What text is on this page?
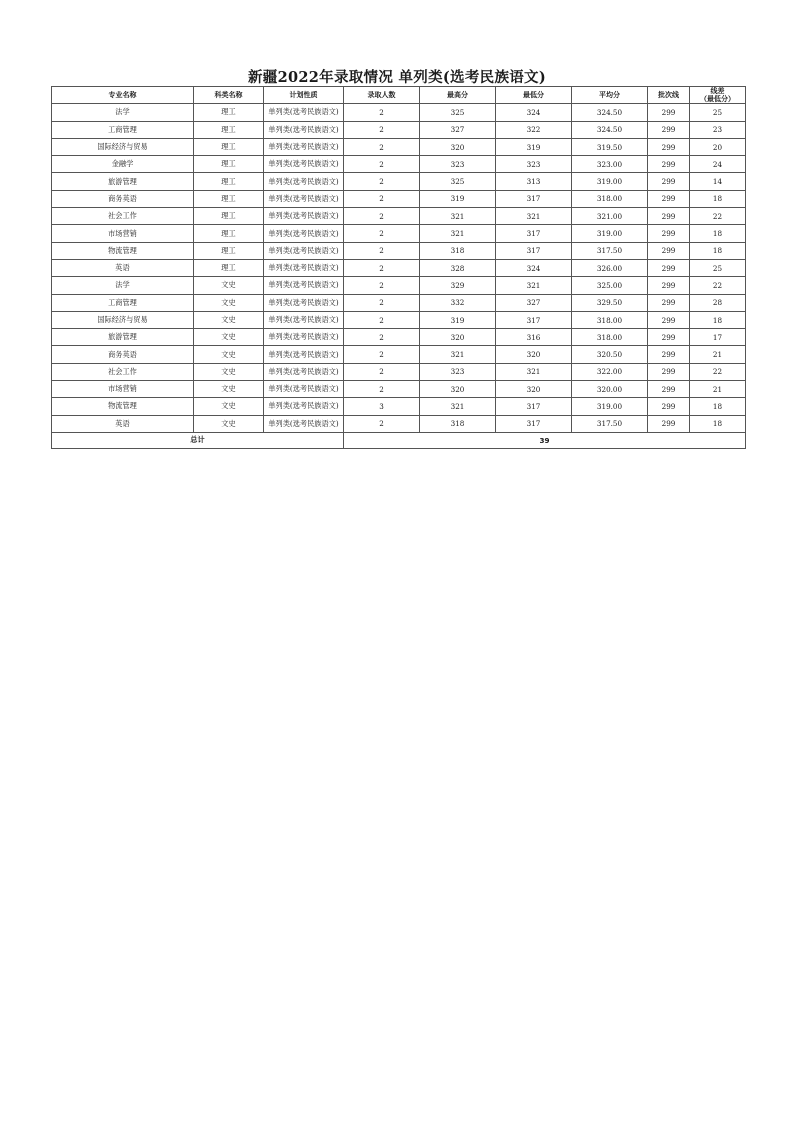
新疆2022年录取情况 单列类(选考民族语文)
专业名称	科类名称	计划性质	录取人数	最高分	最低分	平均分	批次线	线差
（最低分）
法学	理工	单列类(选考民族语文)	2	325	324	324.50	299	25
工商管理	理工	单列类(选考民族语文)	2	327	322	324.50	299	23
国际经济与贸易	理工	单列类(选考民族语文)	2	320	319	319.50	299	20
金融学	理工	单列类(选考民族语文)	2	323	323	323.00	299	24
旅游管理	理工	单列类(选考民族语文)	2	325	313	319.00	299	14
商务英语	理工	单列类(选考民族语文)	2	319	317	318.00	299	18
社会工作	理工	单列类(选考民族语文)	2	321	321	321.00	299	22
市场营销	理工	单列类(选考民族语文)	2	321	317	319.00	299	18
物流管理	理工	单列类(选考民族语文)	2	318	317	317.50	299	18
英语	理工	单列类(选考民族语文)	2	328	324	326.00	299	25
法学	文史	单列类(选考民族语文)	2	329	321	325.00	299	22
工商管理	文史	单列类(选考民族语文)	2	332	327	329.50	299	28
国际经济与贸易	文史	单列类(选考民族语文)	2	319	317	318.00	299	18
旅游管理	文史	单列类(选考民族语文)	2	320	316	318.00	299	17
商务英语	文史	单列类(选考民族语文)	2	321	320	320.50	299	21
社会工作	文史	单列类(选考民族语文)	2	323	321	322.00	299	22
市场营销	文史	单列类(选考民族语文)	2	320	320	320.00	299	21
物流管理	文史	单列类(选考民族语文)	3	321	317	319.00	299	18
英语	文史	单列类(选考民族语文)	2	318	317	317.50	299	18
总计			39					
